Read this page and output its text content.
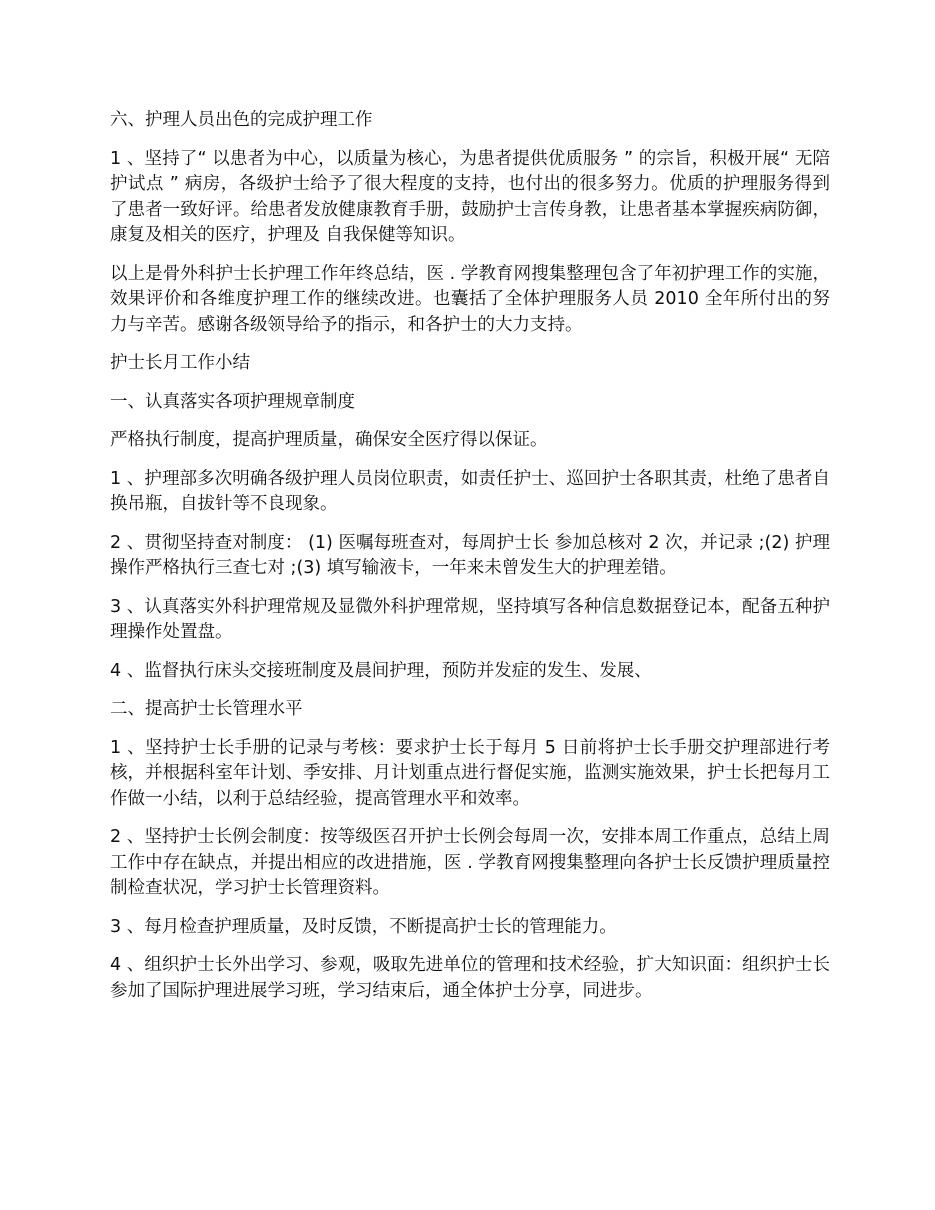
六、护理人员出色的完成护理工作

1 、坚持了“ 以患者为中心，以质量为核心，为患者提供优质服务 ” 的宗旨，积极开展“ 无陪护试点 ” 病房，各级护士给予了很大程度的支持，也付出的很多努力。优质的护理服务得到了患者一致好评。给患者发放健康教育手册，鼓励护士言传身教，让患者基本掌握疾病防御，康复及相关的医疗，护理及 自我保健等知识。

以上是骨外科护士长护理工作年终总结，医 . 学教育网搜集整理包含了年初护理工作的实施，效果评价和各维度护理工作的继续改进。也囊括了全体护理服务人员 2010 全年所付出的努力与辛苦。感谢各级领导给予的指示，和各护士的大力支持。

护士长月工作小结

一、认真落实各项护理规章制度

严格执行制度，提高护理质量，确保安全医疗得以保证。

1 、护理部多次明确各级护理人员岗位职责，如责任护士、巡回护士各职其责，杜绝了患者自换吊瓶，自拔针等不良现象。

2 、贯彻坚持查对制度： (1) 医嘱每班查对，每周护士长 参加总核对 2 次，并记录 ;(2) 护理操作严格执行三查七对 ;(3) 填写输液卡，一年来未曾发生大的护理差错。

3 、认真落实外科护理常规及显微外科护理常规，坚持填写各种信息数据登记本，配备五种护理操作处置盘。

4 、监督执行床头交接班制度及晨间护理，预防并发症的发生、发展、

二、提高护士长管理水平

1 、坚持护士长手册的记录与考核：要求护士长于每月 5 日前将护士长手册交护理部进行考核，并根据科室年计划、季安排、月计划重点进行督促实施，监测实施效果，护士长把每月工作做一小结，以利于总结经验，提高管理水平和效率。

2 、坚持护士长例会制度：按等级医召开护士长例会每周一次，安排本周工作重点，总结上周工作中存在缺点，并提出相应的改进措施，医 . 学教育网搜集整理向各护士长反馈护理质量控制检查状况，学习护士长管理资料。

3 、每月检查护理质量，及时反馈，不断提高护士长的管理能力。

4 、组织护士长外出学习、参观，吸取先进单位的管理和技术经验，扩大知识面：组织护士长参加了国际护理进展学习班，学习结束后，通全体护士分享，同进步。
